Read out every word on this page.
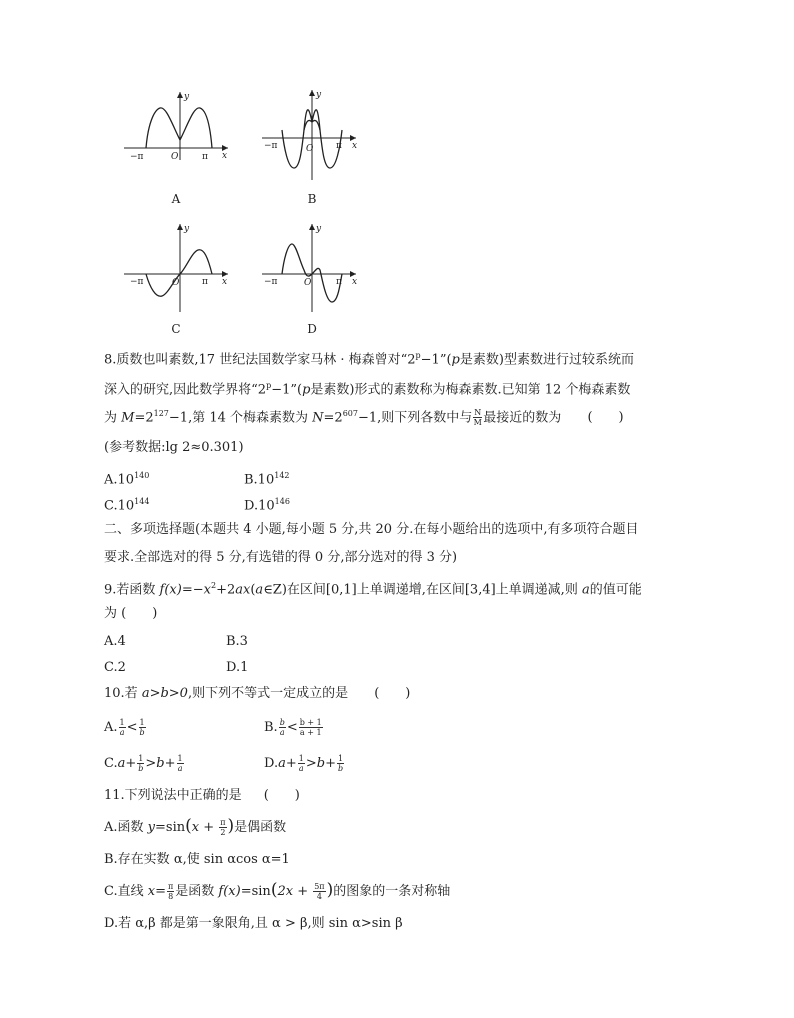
y
x
O
−π	π
A
y
x
O
−π	π
B
y
x
O
−π	π
C
y
x
O
−π	π
D
8.质数也叫素数,17 世纪法国数学家马林 · 梅森曾对“$2^p-1”(p$是素数)型素数进行过较系统而
深入的研究,因此数学界将“$2^p-1”(p$是素数)形式的素数称为梅森素数.已知第 12 个梅森素数
为 $M=2^{127}-1$,第 14 个梅森素数为 $N=2^{607}-1$,则下列各数中与 $\frac{N}{M}$ 最接近的数为 (　　)
(参考数据:lg 2≈0.301)
$A.10^{140}$	$B.10^{142}$
$C.10^{144}$	$D.10^{146}$
二、多项选择题(本题共 4 小题,每小题 5 分,共 20 分.在每小题给出的选项中,有多项符合题目
要求.全部选对的得 5 分,有选错的得 0 分,部分选对的得 3 分)
9.若函数 $f(x)=-x^2+2ax(a\in Z)$在区间[0,1]上单调递增,在区间[3,4]上单调递减,则 a的值可能
为 (　　)
A.4	B.3
C.2	D.1
10.若 a>b>0,则下列不等式一定成立的是 (　　)
A. $\frac{1}{a}< \frac{1}{b}$	B. $\frac{b}{a}< \frac{b + 1}{a + 1}$
$C.a+ \frac{1}{b}>b+ \frac{1}{a}$	$D.a+ \frac{1}{a}>b+ \frac{1}{b}$
11.下列说法中正确的是 (　　)
A.函数 $y=\sin(x + \frac{\pi}{2}$ )是偶函数
B.存在实数 α,使 sin αcos α=1
C.直线 $x= \frac{\pi}{8}$ 是函数 $f(x)=\sin(2x + \frac{5\pi}{4}$ )的图象的一条对称轴
D.若 α,β 都是第一象限角,且 α > β,则 sin α>sin β
